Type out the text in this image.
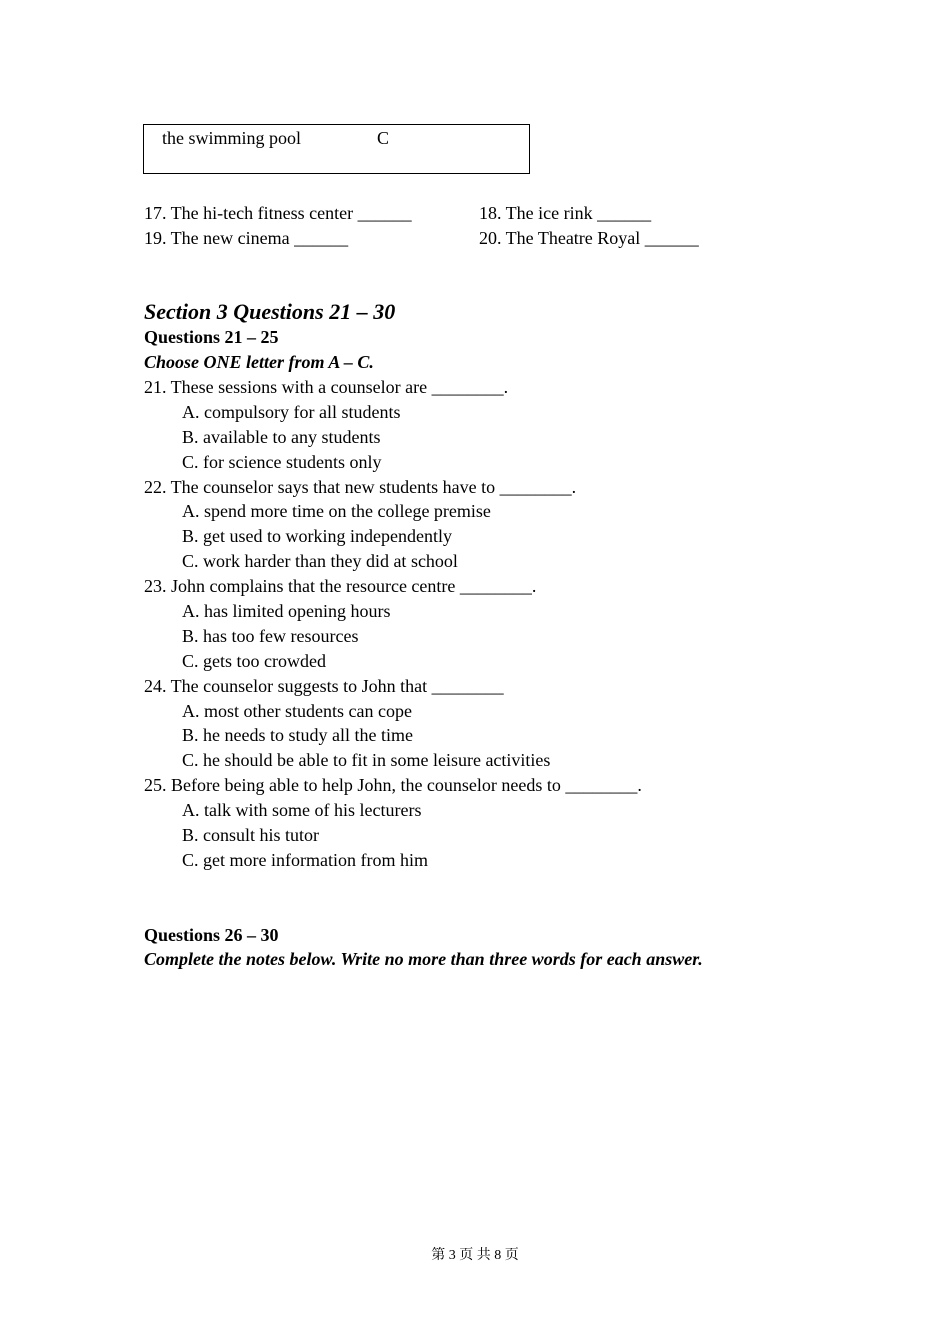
the swimming pool	C
17. The hi-tech fitness center ______	18. The ice rink ______
19. The new cinema ______	20. The Theatre Royal ______
Section 3 Questions 21 – 30
Questions 21 – 25
Choose ONE letter from A – C.
21. These sessions with a counselor are ________.
A. compulsory for all students
B. available to any students
C. for science students only
22. The counselor says that new students have to ________.
A. spend more time on the college premise
B. get used to working independently
C. work harder than they did at school
23. John complains that the resource centre ________.
A. has limited opening hours
B. has too few resources
C. gets too crowded
24. The counselor suggests to John that ________
A. most other students can cope
B. he needs to study all the time
C. he should be able to fit in some leisure activities
25. Before being able to help John, the counselor needs to ________.
A. talk with some of his lecturers
B. consult his tutor
C. get more information from him
Questions 26 – 30
Complete the notes below. Write no more than three words for each answer.
第 3 页 共 8 页
